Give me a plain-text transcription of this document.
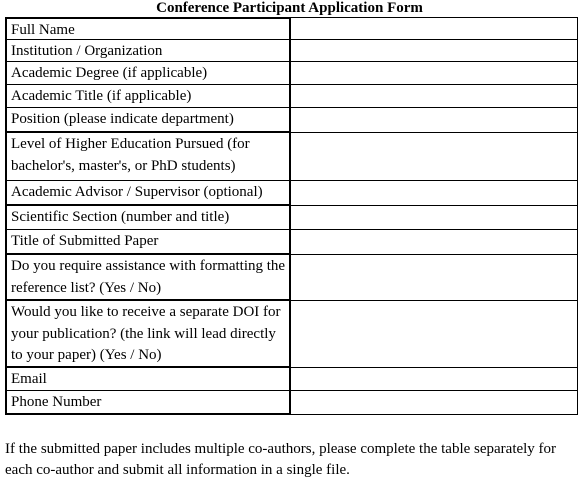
Conference Participant Application Form
Full Name
Institution / Organization
Academic Degree (if applicable)
Academic Title (if applicable)
Position (please indicate department)
Level of Higher Education Pursued (for bachelor's, master's, or PhD students)
Academic Advisor / Supervisor (optional)
Scientific Section (number and title)
Title of Submitted Paper
Do you require assistance with formatting the reference list? (Yes / No)
Would you like to receive a separate DOI for your publication? (the link will lead directly to your paper) (Yes / No)
Email
Phone Number
If the submitted paper includes multiple co-authors, please complete the table separately for each co-author and submit all information in a single file.
